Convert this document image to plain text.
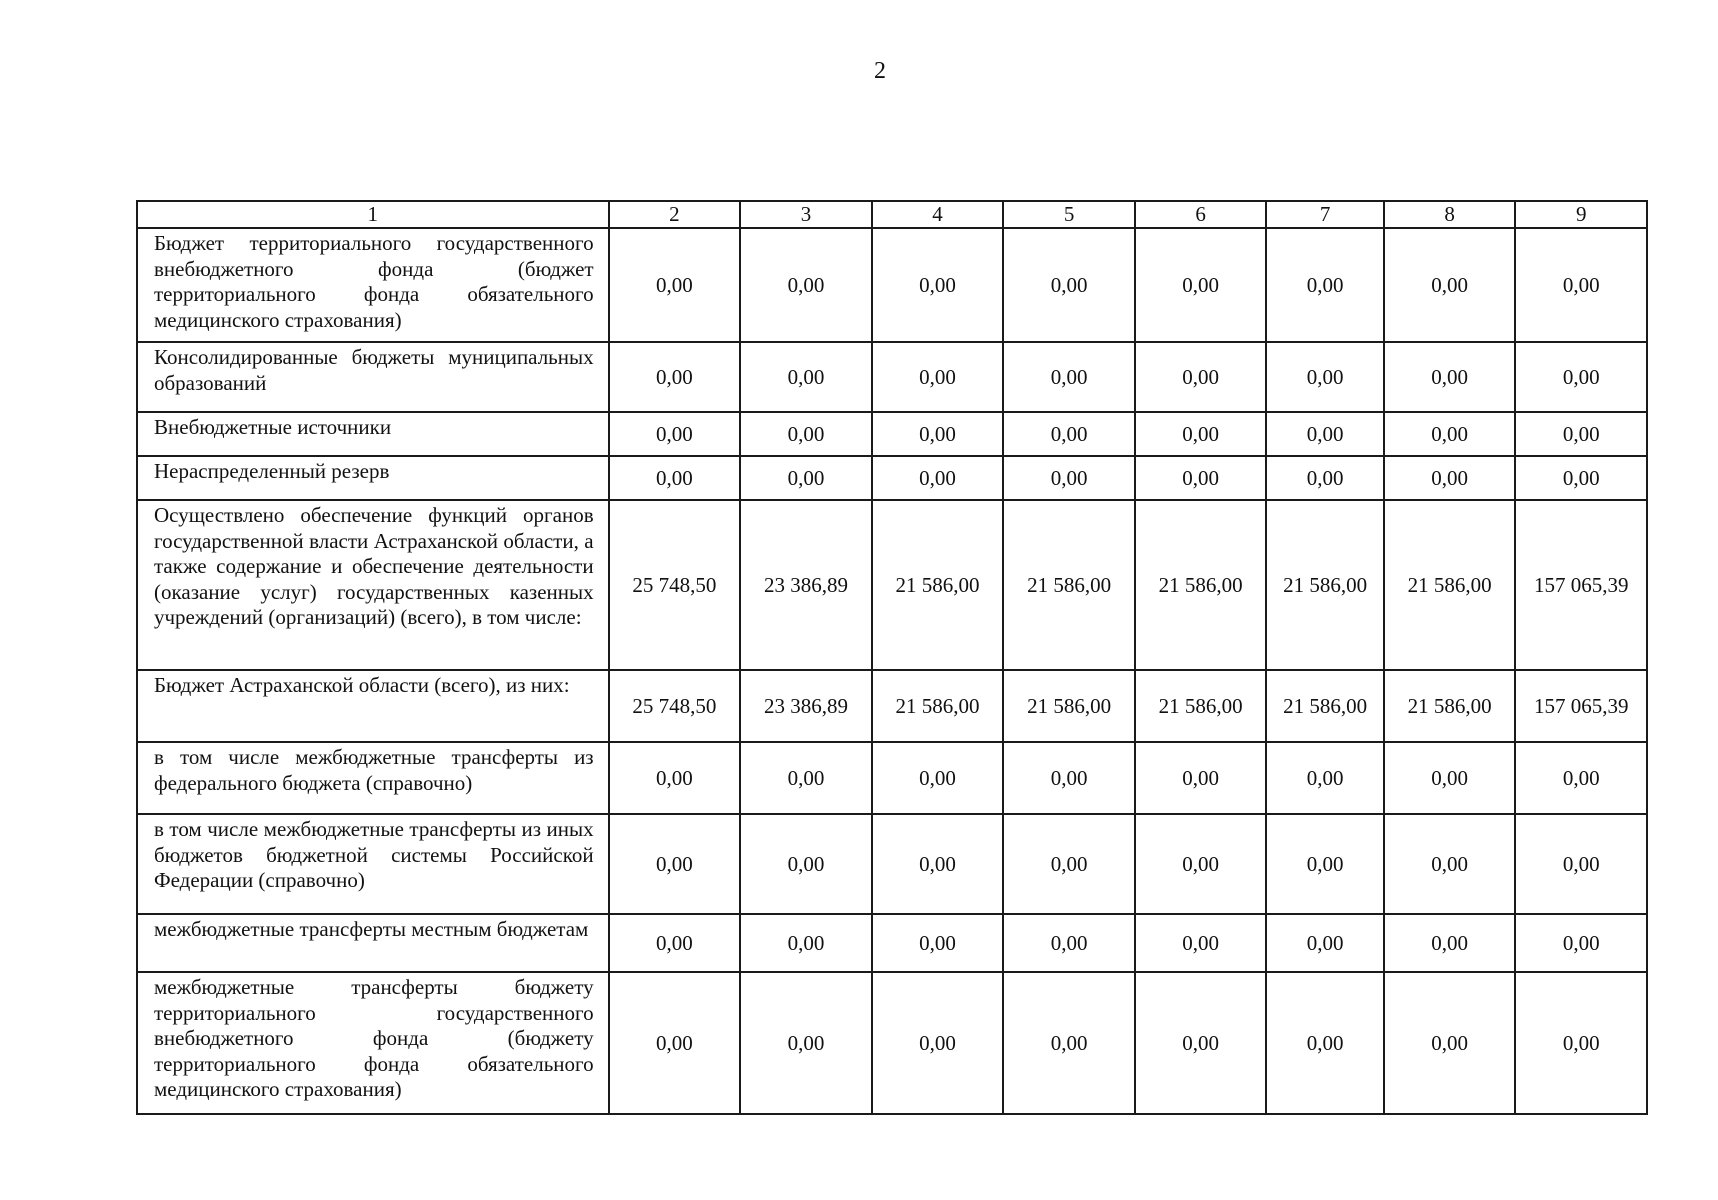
2
1	2	3	4	5	6	7	8	9
Бюджет территориального государственного внебюджетного фонда (бюджет территориального фонда обязательного медицинского страхования)	0,00	0,00	0,00	0,00	0,00	0,00	0,00	0,00
Консолидированные бюджеты муниципальных образований	0,00	0,00	0,00	0,00	0,00	0,00	0,00	0,00
Внебюджетные источники	0,00	0,00	0,00	0,00	0,00	0,00	0,00	0,00
Нераспределенный резерв	0,00	0,00	0,00	0,00	0,00	0,00	0,00	0,00
Осуществлено обеспечение функций органов государственной власти Астраханской области, а также содержание и обеспечение деятельности (оказание услуг) государственных казенных учреждений (организаций) (всего), в том числе:	25 748,50	23 386,89	21 586,00	21 586,00	21 586,00	21 586,00	21 586,00	157 065,39
Бюджет Астраханской области (всего), из них:	25 748,50	23 386,89	21 586,00	21 586,00	21 586,00	21 586,00	21 586,00	157 065,39
в том числе межбюджетные трансферты из федерального бюджета (справочно)	0,00	0,00	0,00	0,00	0,00	0,00	0,00	0,00
в том числе межбюджетные трансферты из иных бюджетов бюджетной системы Российской Федерации (справочно)	0,00	0,00	0,00	0,00	0,00	0,00	0,00	0,00
межбюджетные трансферты местным бюджетам	0,00	0,00	0,00	0,00	0,00	0,00	0,00	0,00
межбюджетные трансферты бюджету территориального государственного внебюджетного фонда (бюджету территориального фонда обязательного медицинского страхования)	0,00	0,00	0,00	0,00	0,00	0,00	0,00	0,00
